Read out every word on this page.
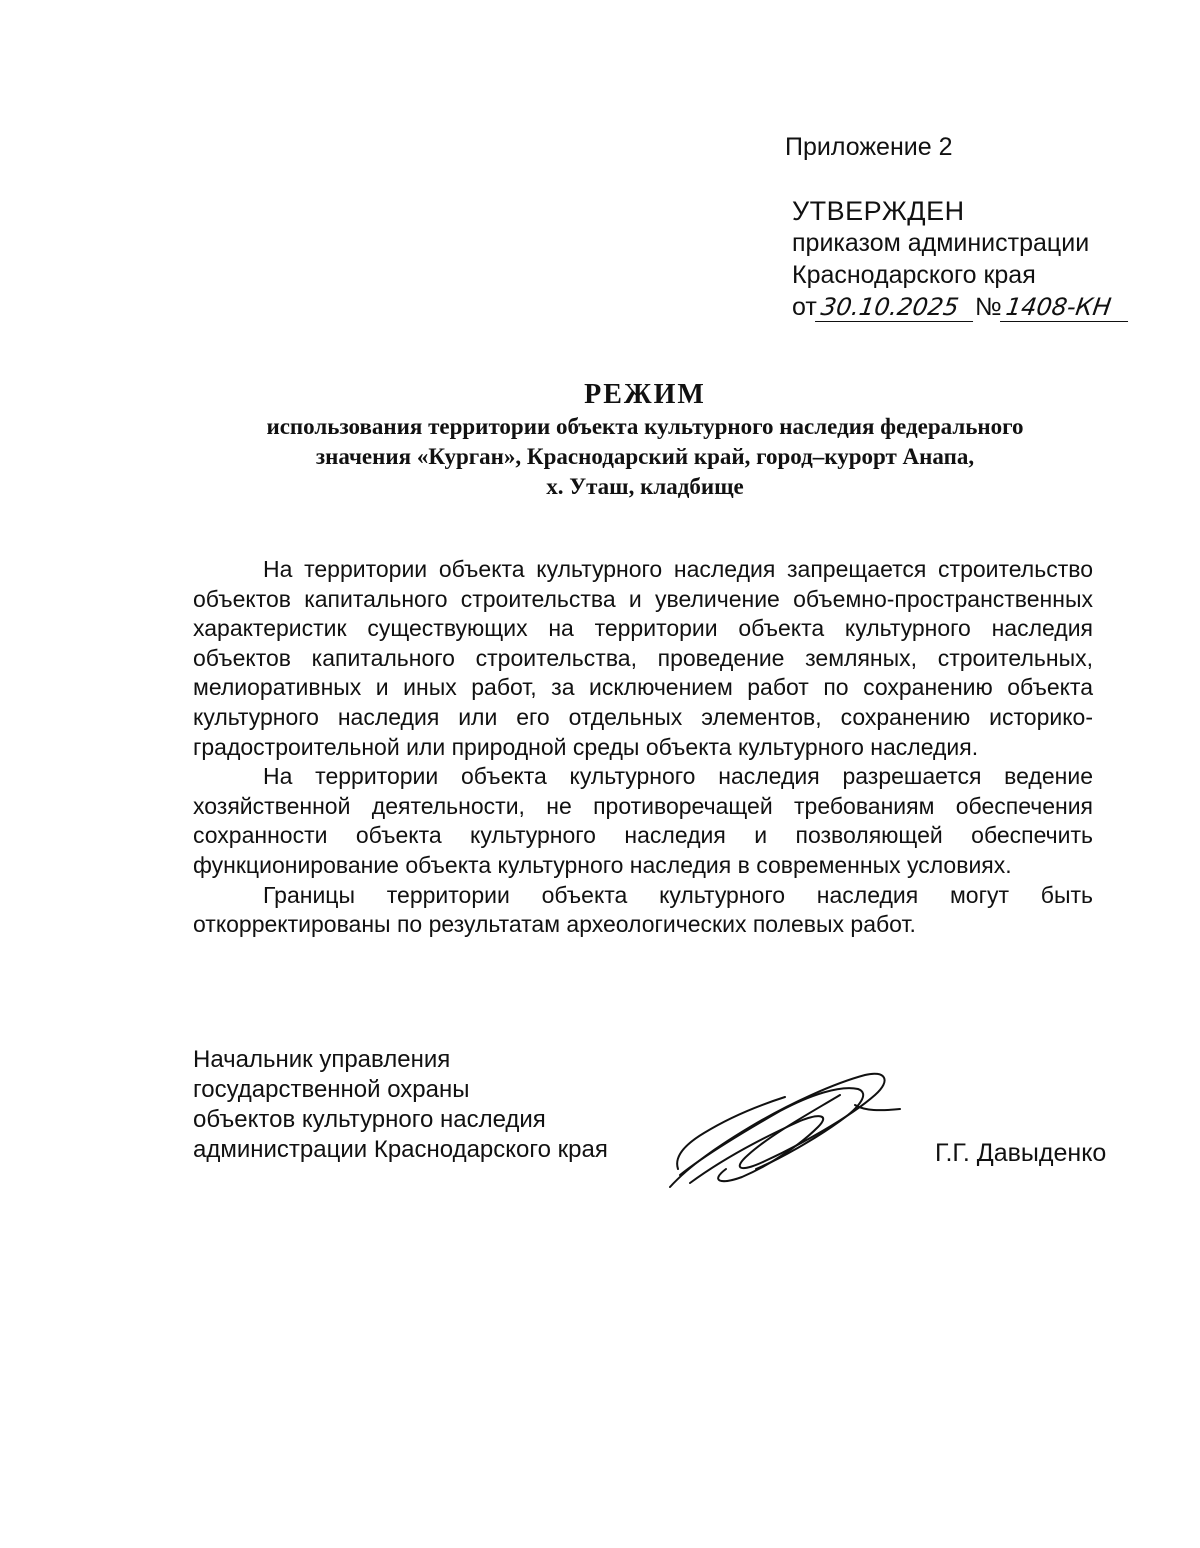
Приложение 2
УТВЕРЖДЕН
приказом администрации
Краснодарского края
от30.10.2025 №1408-КН
РЕЖИМ
использования территории объекта культурного наследия федерального
значения «Курган», Краснодарский край, город–курорт Анапа,
х. Уташ, кладбище

На территории объекта культурного наследия запрещается строительство объектов капитального строительства и увеличение объемно-пространственных характеристик существующих на территории объекта культурного наследия объектов капитального строительства, проведение земляных, строительных, мелиоративных и иных работ, за исключением работ по сохранению объекта культурного наследия или его отдельных элементов, сохранению историко-градостроительной или природной среды объекта культурного наследия.

На территории объекта культурного наследия разрешается ведение хозяйственной деятельности, не противоречащей требованиям обеспечения сохранности объекта культурного наследия и позволяющей обеспечить функционирование объекта культурного наследия в современных условиях.

Границы территории объекта культурного наследия могут быть откорректированы по результатам археологических полевых работ.

Начальник управления
государственной охраны
объектов культурного наследия
администрации Краснодарского края	Г.Г. Давыденко
